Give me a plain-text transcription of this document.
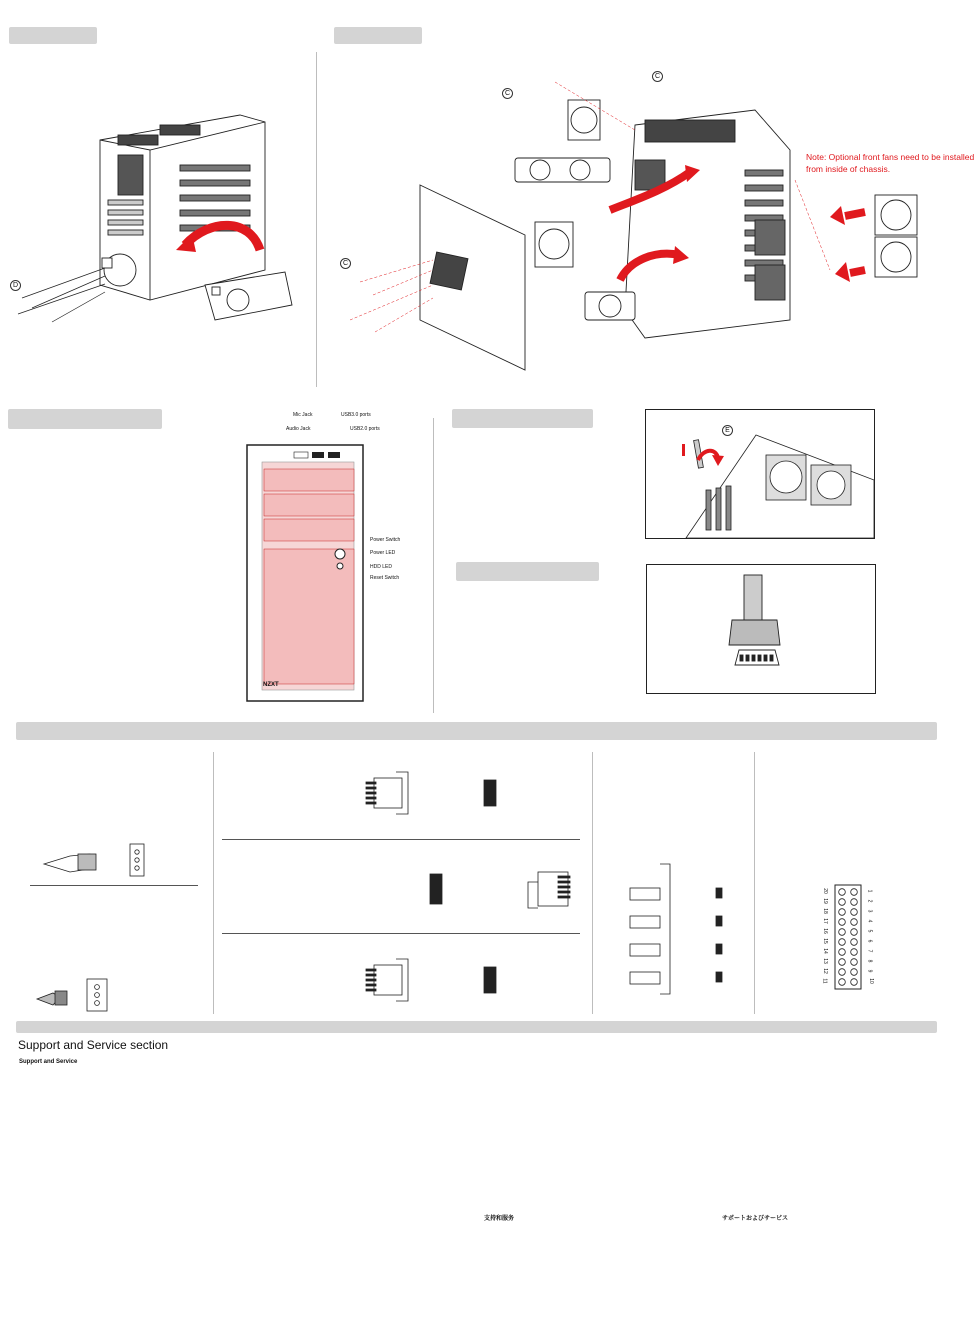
D
C
C
C
Note: Optional front fans need to be installed
from inside of chassis.
Mic Jack
Audio Jack
USB3.0 ports
USB2.0 ports
Power Switch
Power LED
HDD LED
Reset Switch
NZXT
E
20
19
18
17
16
15
14
13
12
11
1
2
3
4
5
6
7
8
9
10
Support and Service section
Support and Service
支持和服务	サポートおよびサービス
